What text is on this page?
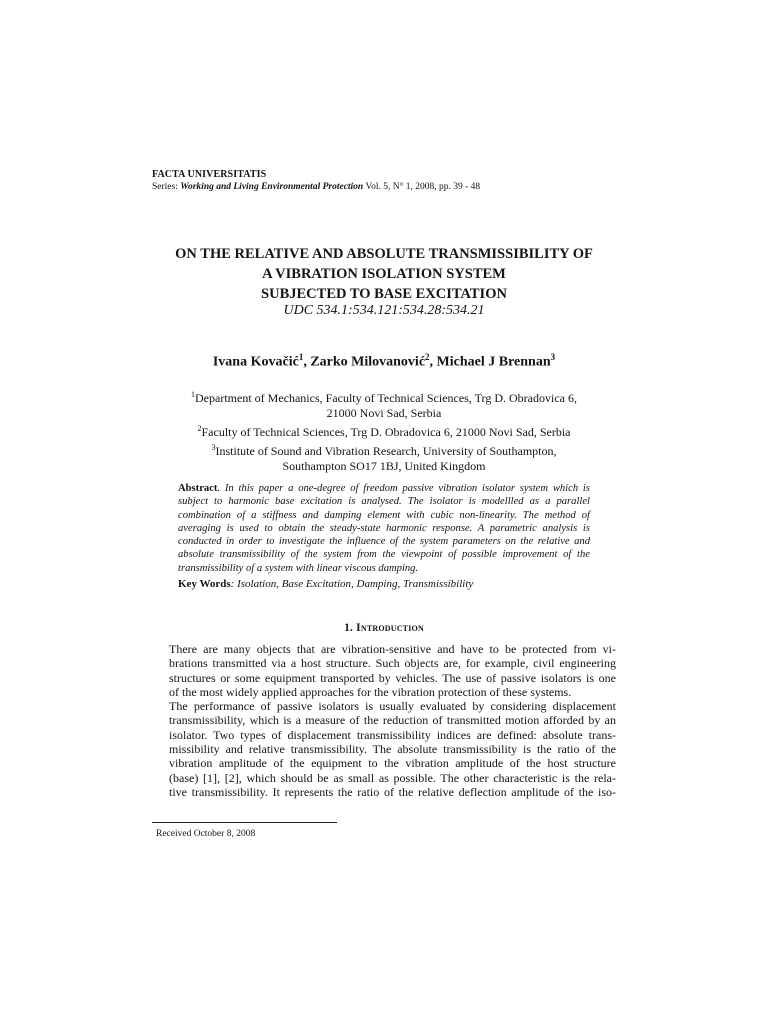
FACTA UNIVERSITATIS

Series: Working and Living Environmental Protection Vol. 5, N° 1, 2008, pp. 39 - 48

ON THE RELATIVE AND ABSOLUTE TRANSMISSIBILITY OF
A VIBRATION ISOLATION SYSTEM
SUBJECTED TO BASE EXCITATION

UDC 534.1:534.121:534.28:534.21

Ivana Kovačić$^1$, Zarko Milovanović$^2$, Michael J Brennan$^3$

$^1$Department of Mechanics, Faculty of Technical Sciences, Trg D. Obradovica 6,
21000 Novi Sad, Serbia
$^2$Faculty of Technical Sciences, Trg D. Obradovica 6, 21000 Novi Sad, Serbia
$^3$Institute of Sound and Vibration Research, University of Southampton,
Southampton SO17 1BJ, United Kingdom

Abstract. In this paper a one-degree of freedom passive vibration isolator system which is subject to harmonic base excitation is analysed. The isolator is modellled as a parallel combination of a stiffness and damping element with cubic non-linearity. The method of averaging is used to obtain the steady-state harmonic response. A parametric analysis is conducted in order to investigate the influence of the system parameters on the relative and absolute transmissibility of the system from the viewpoint of possible improvement of the transmissibility of a system with linear viscous damping.

Key Words: Isolation, Base Excitation, Damping, Transmissibility

1. Introduction

There are many objects that are vibration-sensitive and have to be protected from vi-
brations transmitted via a host structure. Such objects are, for example, civil engineering
structures or some equipment transported by vehicles. The use of passive isolators is one
of the most widely applied approaches for the vibration protection of these systems.

The performance of passive isolators is usually evaluated by considering displacement
transmissibility, which is a measure of the reduction of transmitted motion afforded by an
isolator. Two types of displacement transmissibility indices are defined: absolute trans-
missibility and relative transmissibility. The absolute transmissibility is the ratio of the
vibration amplitude of the equipment to the vibration amplitude of the host structure
(base) [1], [2], which should be as small as possible. The other characteristic is the rela-
tive transmissibility. It represents the ratio of the relative deflection amplitude of the iso-

Received October 8, 2008
